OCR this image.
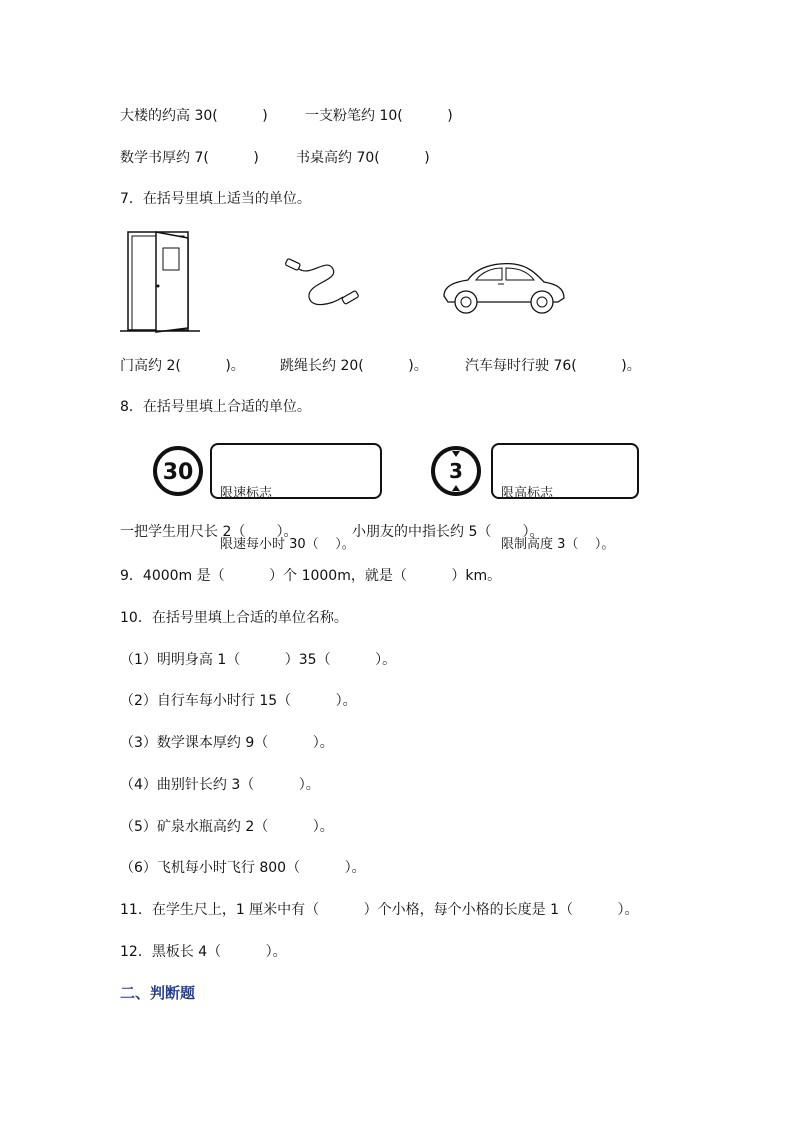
大楼的约高 30(          )	一支粉笔约 10(          )
数学书厚约 7(          )	书桌高约 70(          )
7．在括号里填上适当的单位。
门高约 2(          )。	跳绳长约 20(          )。	汽车每时行驶 76(          )。
8．在括号里填上合适的单位。
30

限速标志

限速每小时 30（    ）。

3

限高标志

限制高度 3（    ）。

一把学生用尺长 2（       ）。	小朋友的中指长约 5（       ）。
9．4000m 是（          ）个 1000m，就是（          ）km。
10．在括号里填上合适的单位名称。
（1）明明身高 1（          ）35（          ）。
（2）自行车每小时行 15（          ）。
（3）数学课本厚约 9（          ）。
（4）曲别针长约 3（          ）。
（5）矿泉水瓶高约 2（          ）。
（6）飞机每小时飞行 800（          ）。
11．在学生尺上，1 厘米中有（          ）个小格，每个小格的长度是 1（          ）。
12．黑板长 4（          ）。
二、判断题
